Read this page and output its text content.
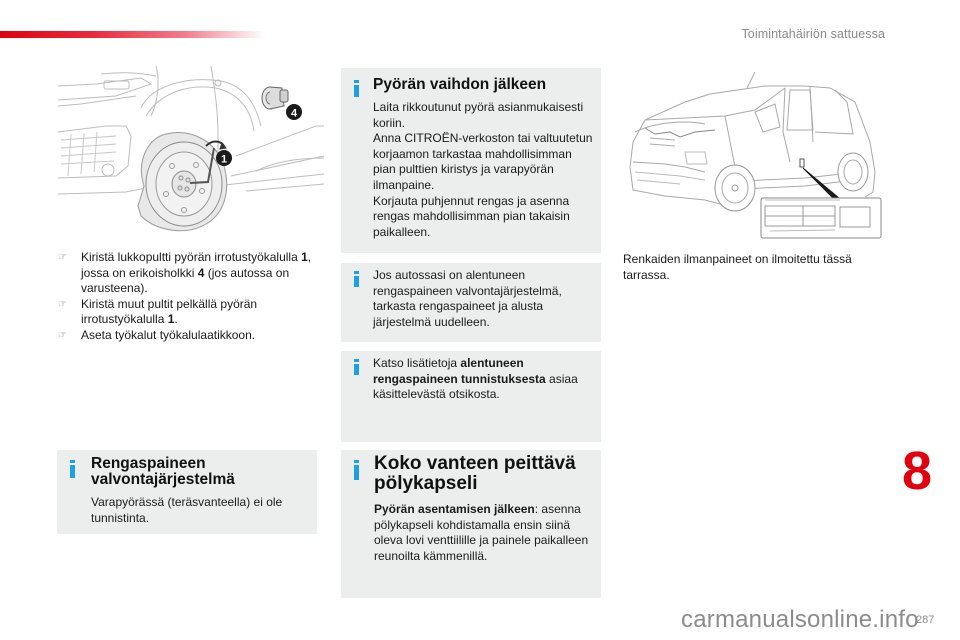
Toimintahäiriön sattuessa
1
4
☞ Kiristä lukkopultti pyörän irrotustyökalulla 1, jossa on erikoisholkki 4 (jos autossa on varusteena).
☞ Kiristä muut pultit pelkällä pyörän irrotustyökalulla 1.
☞ Aseta työkalut työkalulaatikkoon.
Pyörän vaihdon jälkeen
Laita rikkoutunut pyörä asianmukaisesti koriin.
Anna CITROËN-verkoston tai valtuutetun korjaamon tarkastaa mahdollisimman pian pulttien kiristys ja varapyörän ilmanpaine.
Korjauta puhjennut rengas ja asenna rengas mahdollisimman pian takaisin paikalleen.
Jos autossasi on alentuneen rengaspaineen valvontajärjestelmä, tarkasta rengaspaineet ja alusta järjestelmä uudelleen.
Katso lisätietoja alentuneen rengaspaineen tunnistuksesta asiaa käsittelevästä otsikosta.
Koko vanteen peittävä pölykapseli
Pyörän asentamisen jälkeen: asenna pölykapseli kohdistamalla ensin siinä oleva lovi venttiilille ja painele paikalleen reunoilta kämmenillä.
Rengaspaineen valvontajärjestelmä
Varapyörässä (teräsvanteella) ei ole tunnistinta.
Renkaiden ilmanpaineet on ilmoitettu tässä tarrassa.
8
carmanualsonline.info
287
